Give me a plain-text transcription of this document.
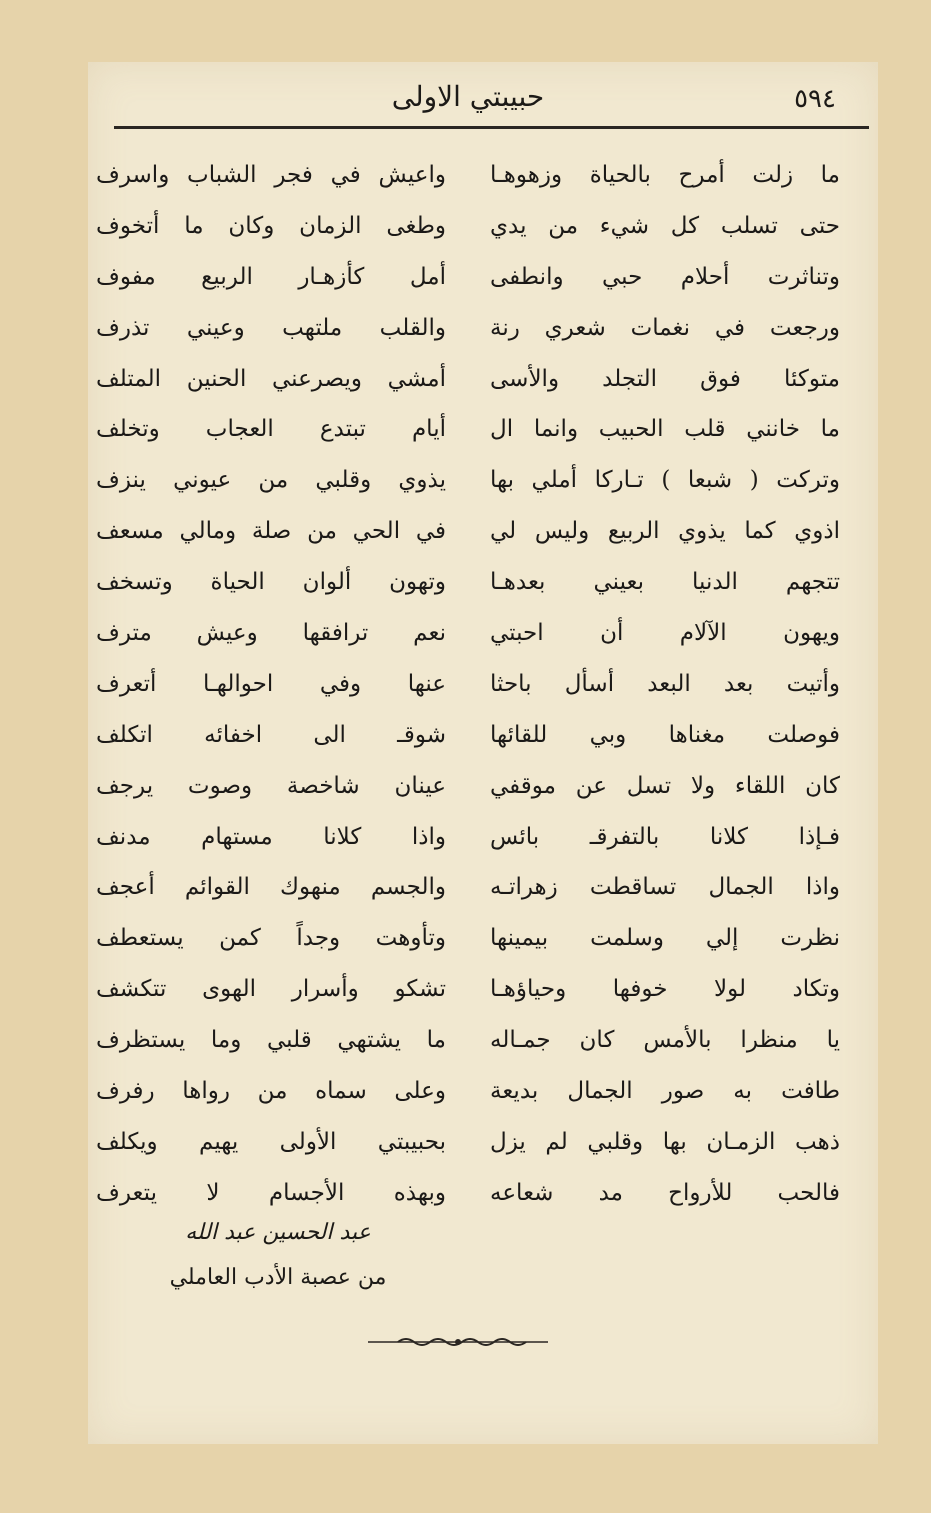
٥٩٤
حبيبتي الاولى
ما زلت أمرح بالحياة وزهوهـا
حتى تسلب كل شيء من يدي
وتناثرت أحلام حبي وانطفى
ورجعت في نغمات شعري رنة
متوكئا فوق التجلد والأسى
ما خانني قلب الحبيب وانما ال
وتركت ( شبعا ) تـاركا أملي بها
اذوي كما يذوي الربيع وليس لي
تتجهم الدنيا بعيني بعدهـا
ويهون الآلام أن احبتي
وأتيت بعد البعد أسأل باحثا
فوصلت مغناها وبي للقائها
كان اللقاء ولا تسل عن موقفي
فـإذا كلانا بالتفرقـ بائس
واذا الجمال تساقطت زهراتـه
نظرت إلي وسلمت بيمينها
وتكاد لولا خوفها وحياؤهـا
يا منظرا بالأمس كان جمـاله
طافت به صور الجمال بديعة
ذهب الزمـان بها وقلبي لم يزل
فالحب للأرواح مد شعاعه
واعيش في فجر الشباب واسرف
وطغى الزمان وكان ما أتخوف
أمل كأزهـار الربيع مفوف
والقلب ملتهب وعيني تذرف
أمشي ويصرعني الحنين المتلف
أيام تبتدع العجاب وتخلف
يذوي وقلبي من عيوني ينزف
في الحي من صلة ومالي مسعف
وتهون ألوان الحياة وتسخف
نعم ترافقها وعيش مترف
عنها وفي احوالهـا أتعرف
شوقـ الى اخفائه اتكلف
عينان شاخصة وصوت يرجف
واذا كلانا مستهام مدنف
والجسم منهوك القوائم أعجف
وتأوهت وجداً كمن يستعطف
تشكو وأسرار الهوى تتكشف
ما يشتهي قلبي وما يستظرف
وعلى سماه من رواها رفرف
بحبيبتي الأولى يهيم ويكلف
وبهذه الأجسام لا يتعرف
عبد الحسين عبد الله
من عصبة الأدب العاملي
